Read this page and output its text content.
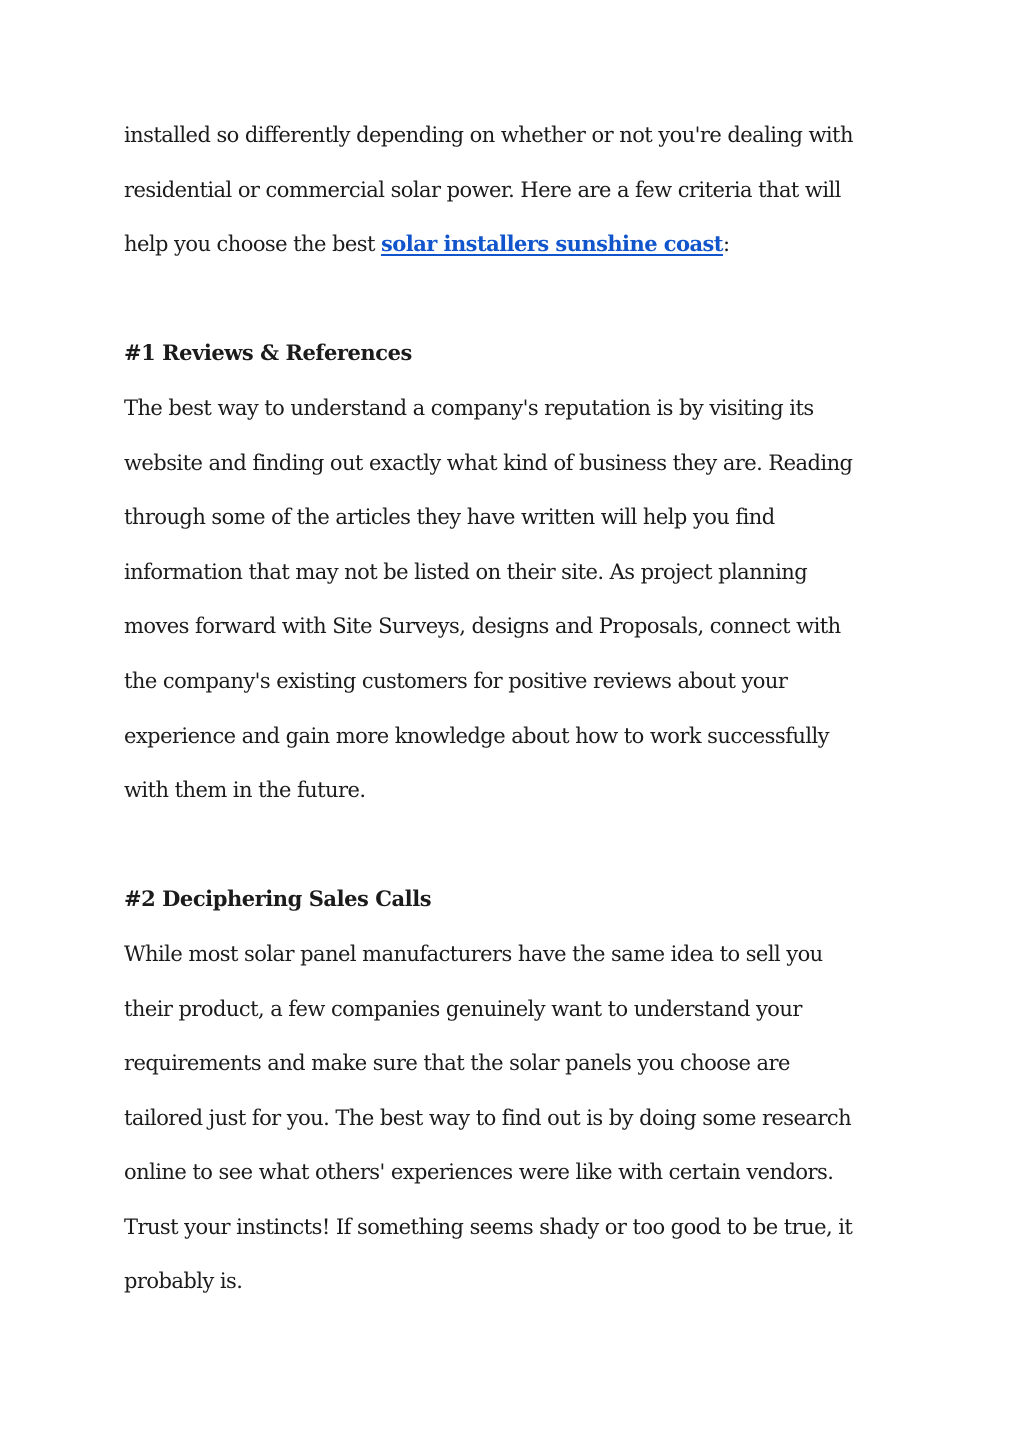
installed so differently depending on whether or not you're dealing with
residential or commercial solar power. Here are a few criteria that will
help you choose the best solar installers sunshine coast:
#1 Reviews & References
The best way to understand a company's reputation is by visiting its
website and finding out exactly what kind of business they are. Reading
through some of the articles they have written will help you find
information that may not be listed on their site. As project planning
moves forward with Site Surveys, designs and Proposals, connect with
the company's existing customers for positive reviews about your
experience and gain more knowledge about how to work successfully
with them in the future.
#2 Deciphering Sales Calls
While most solar panel manufacturers have the same idea to sell you
their product, a few companies genuinely want to understand your
requirements and make sure that the solar panels you choose are
tailored just for you. The best way to find out is by doing some research
online to see what others' experiences were like with certain vendors.
Trust your instincts! If something seems shady or too good to be true, it
probably is.
